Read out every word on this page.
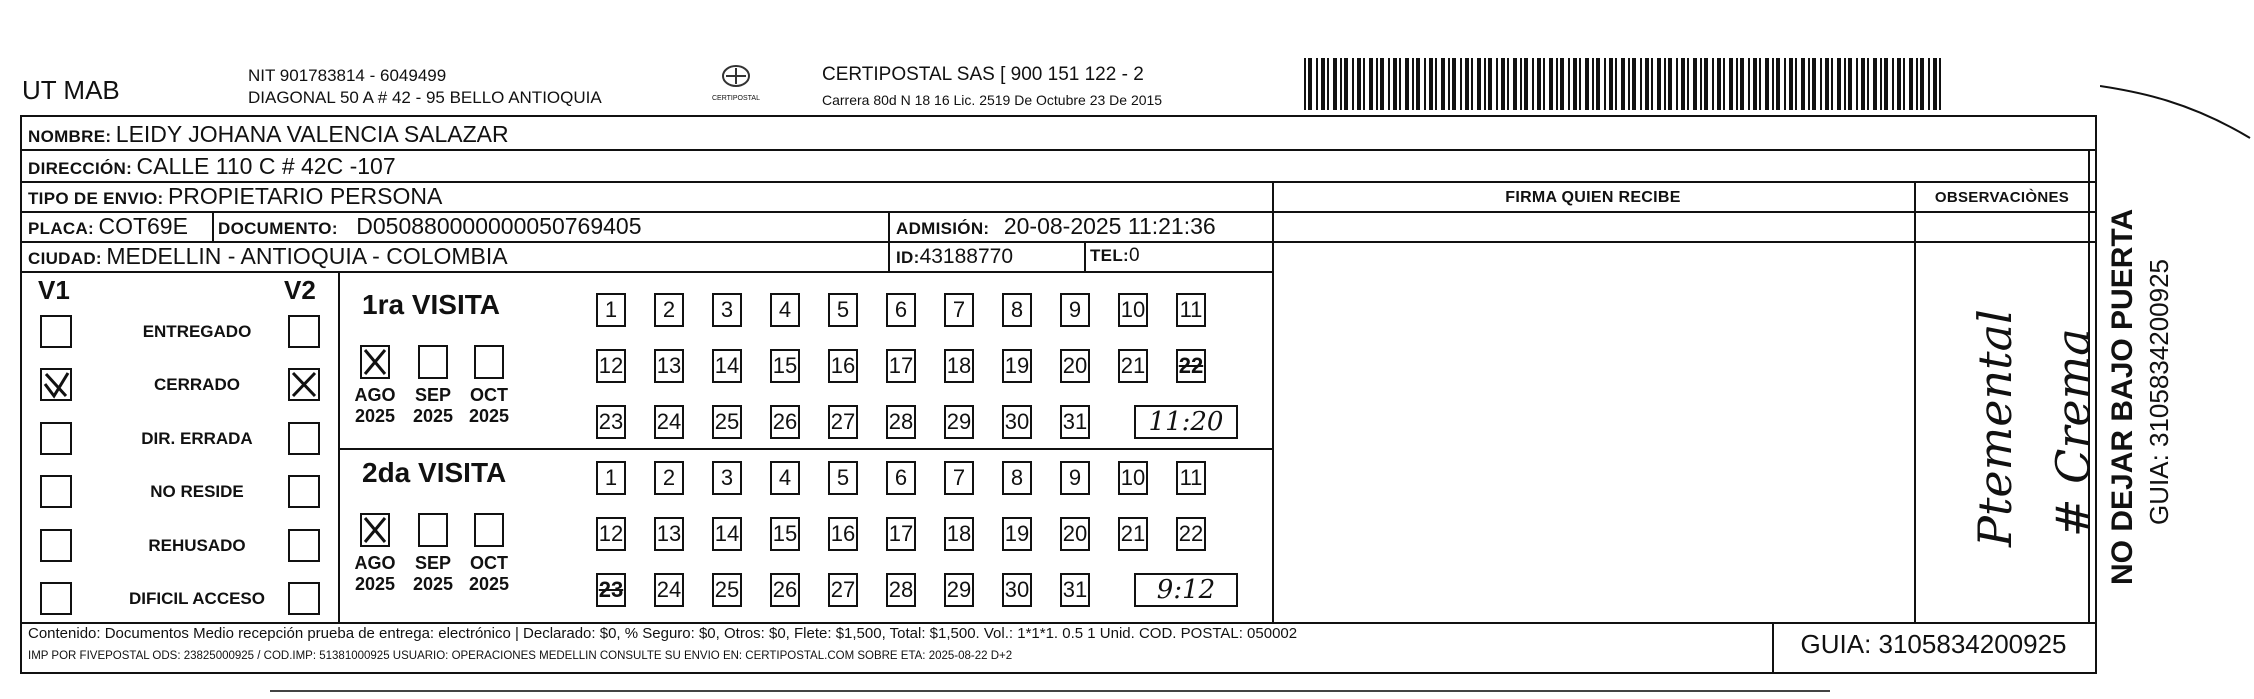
UT MAB	NIT 901783814 - 6049499
DIAGONAL 50 A # 42 - 95 BELLO ANTIOQUIA	CERTIPOSTAL
CERTIPOSTAL SAS [ 900 151 122 - 2
Carrera 80d N 18 16 Lic. 2519 De Octubre 23 De 2015
NOMBRE: LEIDY JOHANA VALENCIA SALAZAR
DIRECCIÓN: CALLE 110 C # 42C -107
TIPO DE ENVIO: PROPIETARIO PERSONA	FIRMA QUIEN RECIBE	OBSERVACIÒNES
PLACA: COT69E DOCUMENTO: D050880000000050769405	ADMISIÓN: 20-08-2025 11:21:36
CIUDAD: MEDELLIN - ANTIOQUIA - COLOMBIA	ID:43188770	TEL:0
V1	V2
ENTREGADO
CERRADO
DIR. ERRADA
NO RESIDE
REHUSADO
DIFICIL ACCESO
1ra VISITA
2da VISITA
1	2	3	4	5	6	7	8	9	10 11
12 13 14 15 16 17 18 19 20 21 22
23 24 25 26 27 28 29 30 31	11:20
1	2	3	4	5	6	7	8	9	10 11
12 13 14 15 16 17 18 19 20 21 22
23 24 25 26 27 28 29 30 31	9:12
AGO
2025
SEP
2025
OCT
2025
AGO
2025
SEP
2025
OCT
2025
Ptemental # Crema
Contenido: Documentos Medio recepción prueba de entrega: electrónico | Declarado: $0, % Seguro: $0, Otros: $0, Flete: $1,500, Total: $1,500. Vol.: 1*1*1. 0.5 1 Unid. COD. POSTAL: 050002
IMP POR FIVEPOSTAL ODS: 23825000925 / COD.IMP: 51381000925 USUARIO: OPERACIONES MEDELLIN CONSULTE SU ENVIO EN: CERTIPOSTAL.COM SOBRE ETA: 2025-08-22 D+2	GUIA: 3105834200925
NO DEJAR BAJO PUERTA GUIA: 3105834200925
